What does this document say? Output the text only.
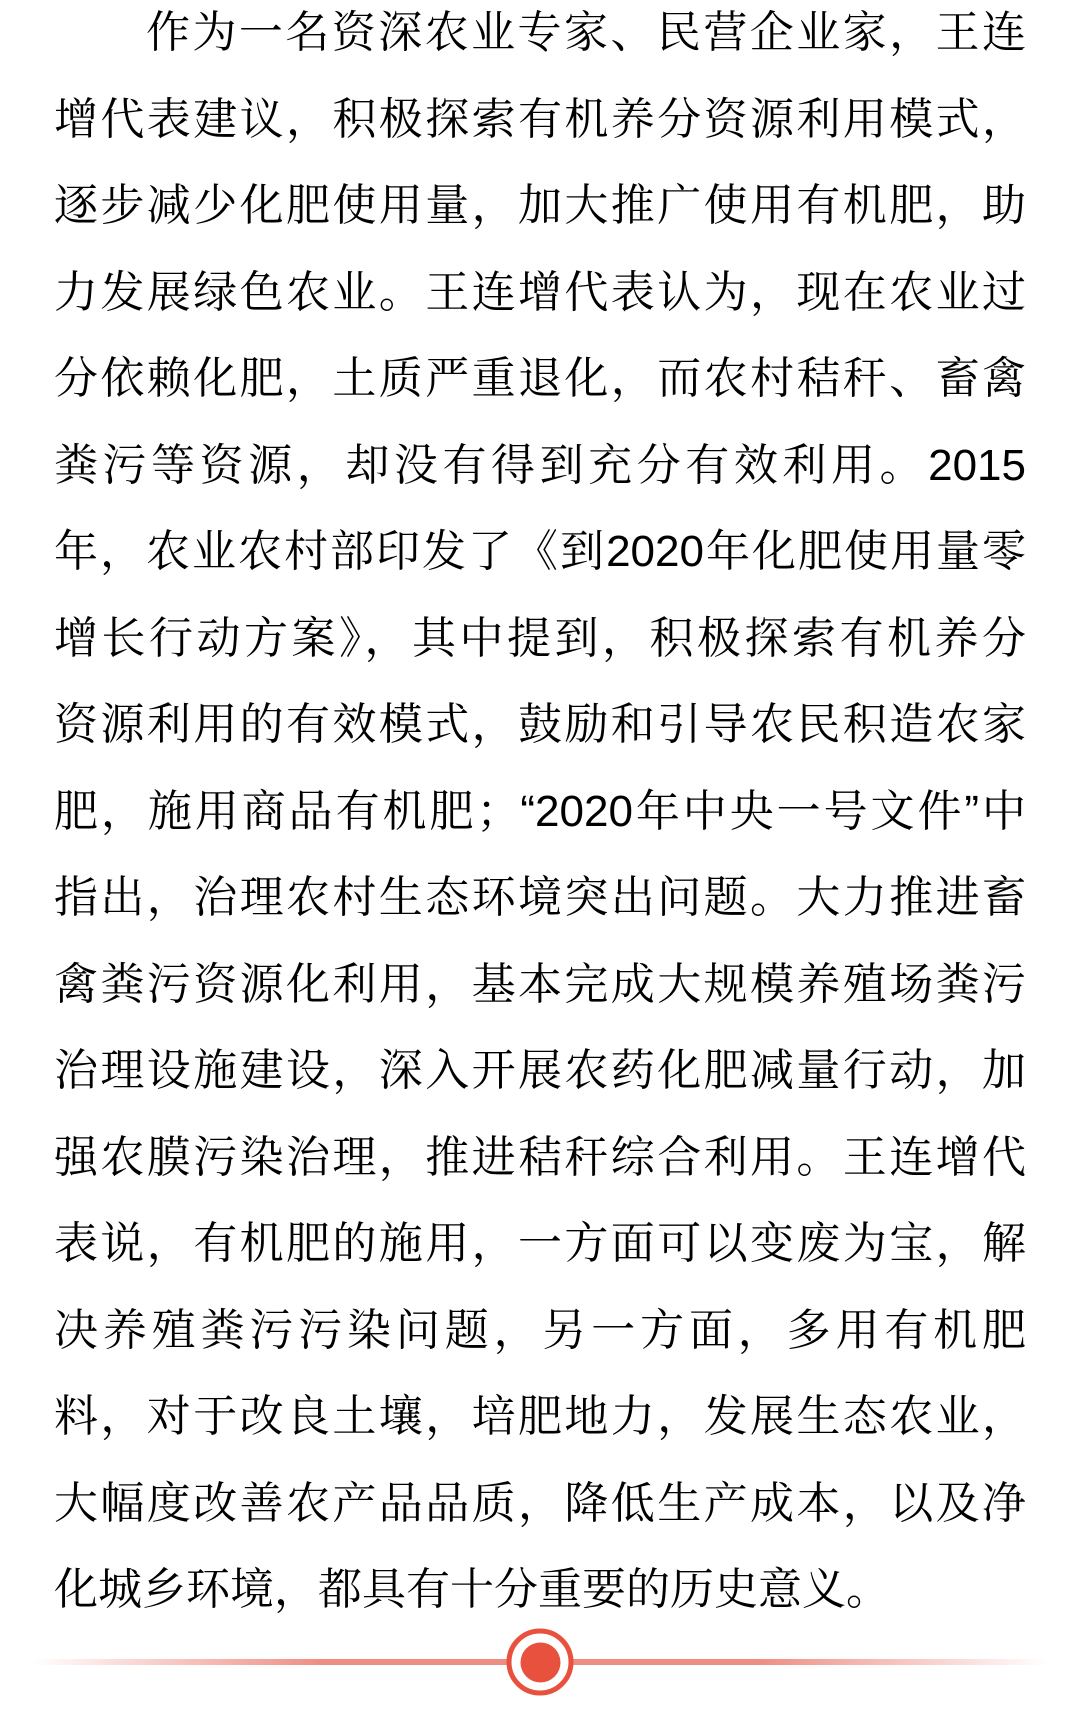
作为一名资深农业专家、民营企业家，王连
增代表建议，积极探索有机养分资源利用模式，
逐步减少化肥使用量，加大推广使用有机肥，助
力发展绿色农业。王连增代表认为，现在农业过
分依赖化肥，土质严重退化，而农村秸秆、畜禽
粪污等资源，却没有得到充分有效利用。2015
年，农业农村部印发了《到2020年化肥使用量零
增长行动方案》，其中提到，积极探索有机养分
资源利用的有效模式，鼓励和引导农民积造农家
肥，施用商品有机肥；“2020年中央一号文件”中
指出，治理农村生态环境突出问题。大力推进畜
禽粪污资源化利用，基本完成大规模养殖场粪污
治理设施建设，深入开展农药化肥减量行动，加
强农膜污染治理，推进秸秆综合利用。王连增代
表说，有机肥的施用，一方面可以变废为宝，解
决养殖粪污污染问题，另一方面，多用有机肥
料，对于改良土壤，培肥地力，发展生态农业，
大幅度改善农产品品质，降低生产成本，以及净
化城乡环境，都具有十分重要的历史意义。
